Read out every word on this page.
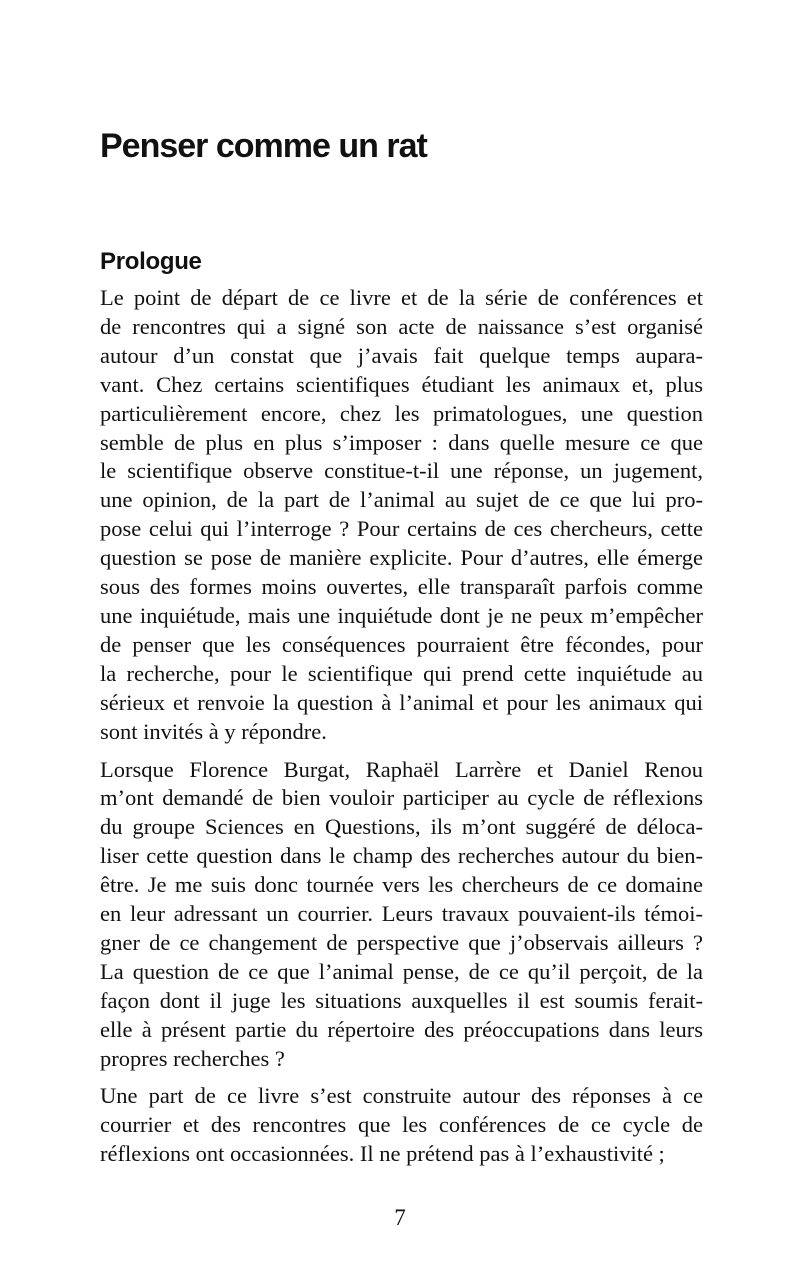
Penser comme un rat
Prologue
Le point de départ de ce livre et de la série de conférences et
de rencontres qui a signé son acte de naissance s’est organisé
autour d’un constat que j’avais fait quelque temps aupara-
vant. Chez certains scientifiques étudiant les animaux et, plus
particulièrement encore, chez les primatologues, une question
semble de plus en plus s’imposer : dans quelle mesure ce que
le scientifique observe constitue-t-il une réponse, un jugement,
une opinion, de la part de l’animal au sujet de ce que lui pro-
pose celui qui l’interroge ? Pour certains de ces chercheurs, cette
question se pose de manière explicite. Pour d’autres, elle émerge
sous des formes moins ouvertes, elle transparaît parfois comme
une inquiétude, mais une inquiétude dont je ne peux m’empêcher
de penser que les conséquences pourraient être fécondes, pour
la recherche, pour le scientifique qui prend cette inquiétude au
sérieux et renvoie la question à l’animal et pour les animaux qui
sont invités à y répondre.
Lorsque Florence Burgat, Raphaël Larrère et Daniel Renou
m’ont demandé de bien vouloir participer au cycle de réflexions
du groupe Sciences en Questions, ils m’ont suggéré de déloca-
liser cette question dans le champ des recherches autour du bien-
être. Je me suis donc tournée vers les chercheurs de ce domaine
en leur adressant un courrier. Leurs travaux pouvaient-ils témoi-
gner de ce changement de perspective que j’observais ailleurs ?
La question de ce que l’animal pense, de ce qu’il perçoit, de la
façon dont il juge les situations auxquelles il est soumis ferait-
elle à présent partie du répertoire des préoccupations dans leurs
propres recherches ?
Une part de ce livre s’est construite autour des réponses à ce
courrier et des rencontres que les conférences de ce cycle de
réflexions ont occasionnées. Il ne prétend pas à l’exhaustivité ;
7
